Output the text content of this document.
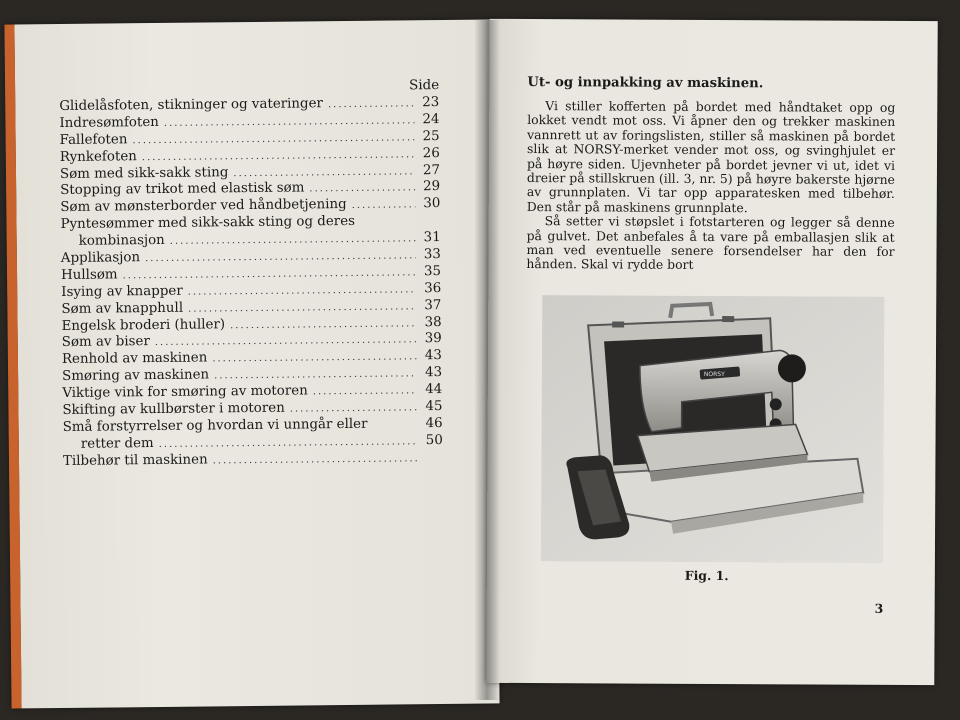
Side
Glidelåsfoten, stikninger og vateringer .....	23
Indresømfoten .....	24
Fallefoten .....	25
Rynkefoten .....	26
Søm med sikk-sakk sting .....	27
Stopping av trikot med elastisk søm .....	29
Søm av mønsterborder ved håndbetjening .....	30
Pyntesømmer med sikk-sakk sting og deres
kombinasjon .....	31
Applikasjon .....	33
Hullsøm .....	35
Isying av knapper .....	36
Søm av knapphull .....	37
Engelsk broderi (huller) .....	38
Søm av biser .....	39
Renhold av maskinen .....	43
Smøring av maskinen .....	43
Viktige vink for smøring av motoren .....	44
Skifting av kullbørster i motoren .....	45
Små forstyrrelser og hvordan vi unngår eller	46
retter dem .....	50
Tilbehør til maskinen
.....
Ut- og innpakking av maskinen.

Vi stiller kofferten på bordet med håndtaket opp og lokket vendt mot oss. Vi åpner den og trekker maskinen vannrett ut av foringslisten, stiller så maskinen på bordet slik at NORSY-merket vender mot oss, og svinghjulet er på høyre siden. Ujevnheter på bordet jevner vi ut, idet vi dreier på stillskruen (ill. 3, nr. 5) på høyre bakerste hjørne av grunnplaten. Vi tar opp apparatesken med tilbehør. Den står på maskinens grunnplate.

Så setter vi støpslet i fotstarteren og legger så denne på gulvet. Det anbefales å ta vare på emballasjen slik at man ved eventuelle senere forsendelser har den for hånden. Skal vi rydde bort

NORSY
Fig. 1.
3
